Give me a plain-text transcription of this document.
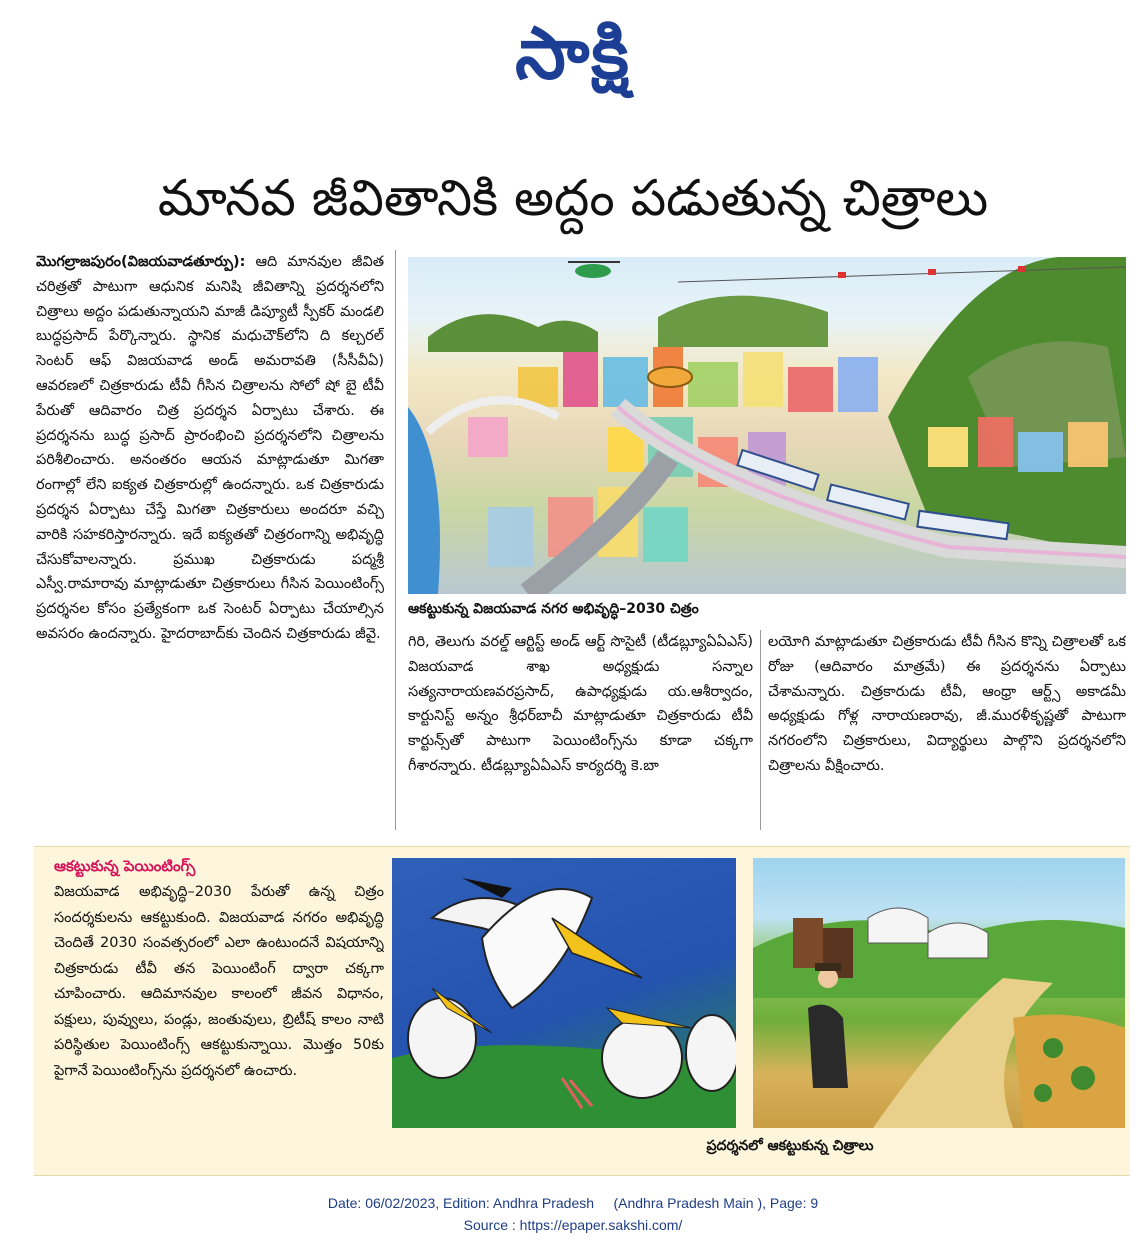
సాక్షి
మానవ జీవితానికి అద్దం పడుతున్న చిత్రాలు

మొగల్రాజపురం(విజయవాడతూర్పు): ఆది మానవుల జీవిత చరిత్రతో పాటుగా ఆధునిక మనిషి జీవితాన్ని ప్రదర్శనలోని చిత్రాలు అద్దం పడుతున్నాయని మాజీ డిప్యూటీ స్పీకర్ మండలి బుద్ధప్రసాద్ పేర్కొన్నారు. స్థానిక మధుచౌక్‌లోని ది కల్చరల్ సెంటర్ ఆఫ్ విజయవాడ అండ్ అమరావతి (సీసీవీఏ) ఆవరణలో చిత్రకారుడు టీవీ గీసిన చిత్రాలను సోలో షో బై టీవీ పేరుతో ఆదివారం చిత్ర ప్రదర్శన ఏర్పాటు చేశారు. ఈ ప్రదర్శనను బుద్ధ ప్రసాద్ ప్రారంభించి ప్రదర్శనలోని చిత్రాలను పరిశీలించారు. అనంతరం ఆయన మాట్లాడుతూ మిగతా రంగాల్లో లేని ఐక్యత చిత్రకారుల్లో ఉందన్నారు. ఒక చిత్రకారుడు ప్రదర్శన ఏర్పాటు చేస్తే మిగతా చిత్రకారులు అందరూ వచ్చి వారికి సహకరిస్తారన్నారు. ఇదే ఐక్యతతో చిత్రరంగాన్ని అభివృద్ధి చేసుకోవాలన్నారు. ప్రముఖ చిత్రకారుడు పద్మశ్రీ ఎస్వీ.రామారావు మాట్లాడుతూ చిత్రకారులు గీసిన పెయింటింగ్స్ ప్రదర్శనల కోసం ప్రత్యేకంగా ఒక సెంటర్ ఏర్పాటు చేయాల్సిన అవసరం ఉందన్నారు. హైదరాబాద్‌కు చెందిన చిత్రకారుడు జీవై.

ఆకట్టుకున్న విజయవాడ నగర అభివృద్ధి–2030 చిత్రం

గిరి, తెలుగు వరల్డ్ ఆర్టిస్ట్ అండ్ ఆర్ట్ సొసైటీ (టీడబ్ల్యూఏఏఎస్) విజయవాడ శాఖ అధ్యక్షుడు సన్నాల సత్యనారాయణవరప్రసాద్, ఉపాధ్యక్షుడు య.ఆశీర్వాదం, కార్టునిస్ట్ అన్నం శ్రీధర్‌బాచీ మాట్లాడుతూ చిత్రకారుడు టీవీ కార్టున్స్‌తో పాటుగా పెయింటింగ్స్‌ను కూడా చక్కగా గీశారన్నారు. టీడబ్ల్యూఏఏఎస్ కార్యదర్శి కె.బా

లయోగి మాట్లాడుతూ చిత్రకారుడు టీవీ గీసిన కొన్ని చిత్రాలతో ఒక రోజు (ఆదివారం మాత్రమే) ఈ ప్రదర్శనను ఏర్పాటు చేశామన్నారు. చిత్రకారుడు టీవీ, ఆంధ్రా ఆర్ట్స్ అకాడమీ అధ్యక్షుడు గోళ్ల నారాయణరావు, జీ.మురళీకృష్ణతో పాటుగా నగరంలోని చిత్రకారులు, విద్యార్థులు పాల్గొని ప్రదర్శనలోని చిత్రాలను వీక్షించారు.

ఆకట్టుకున్న పెయింటింగ్స్

విజయవాడ అభివృద్ధి–2030 పేరుతో ఉన్న చిత్రం సందర్శకులను ఆకట్టుకుంది. విజయవాడ నగరం అభివృద్ధి చెందితే 2030 సంవత్సరంలో ఎలా ఉంటుందనే విషయాన్ని చిత్రకారుడు టీవీ తన పెయింటింగ్ ద్వారా చక్కగా చూపించారు. ఆదిమానవుల కాలంలో జీవన విధానం, పక్షులు, పువ్వులు, పండ్లు, జంతువులు, బ్రిటీష్ కాలం నాటి పరిస్థితుల పెయింటింగ్స్ ఆకట్టుకున్నాయి. మొత్తం 50కు పైగానే పెయింటింగ్స్‌ను ప్రదర్శనలో ఉంచారు.

ప్రదర్శనలో ఆకట్టుకున్న చిత్రాలు
Date: 06/02/2023, Edition: Andhra Pradesh     (Andhra Pradesh Main ), Page: 9
Source : https://epaper.sakshi.com/
